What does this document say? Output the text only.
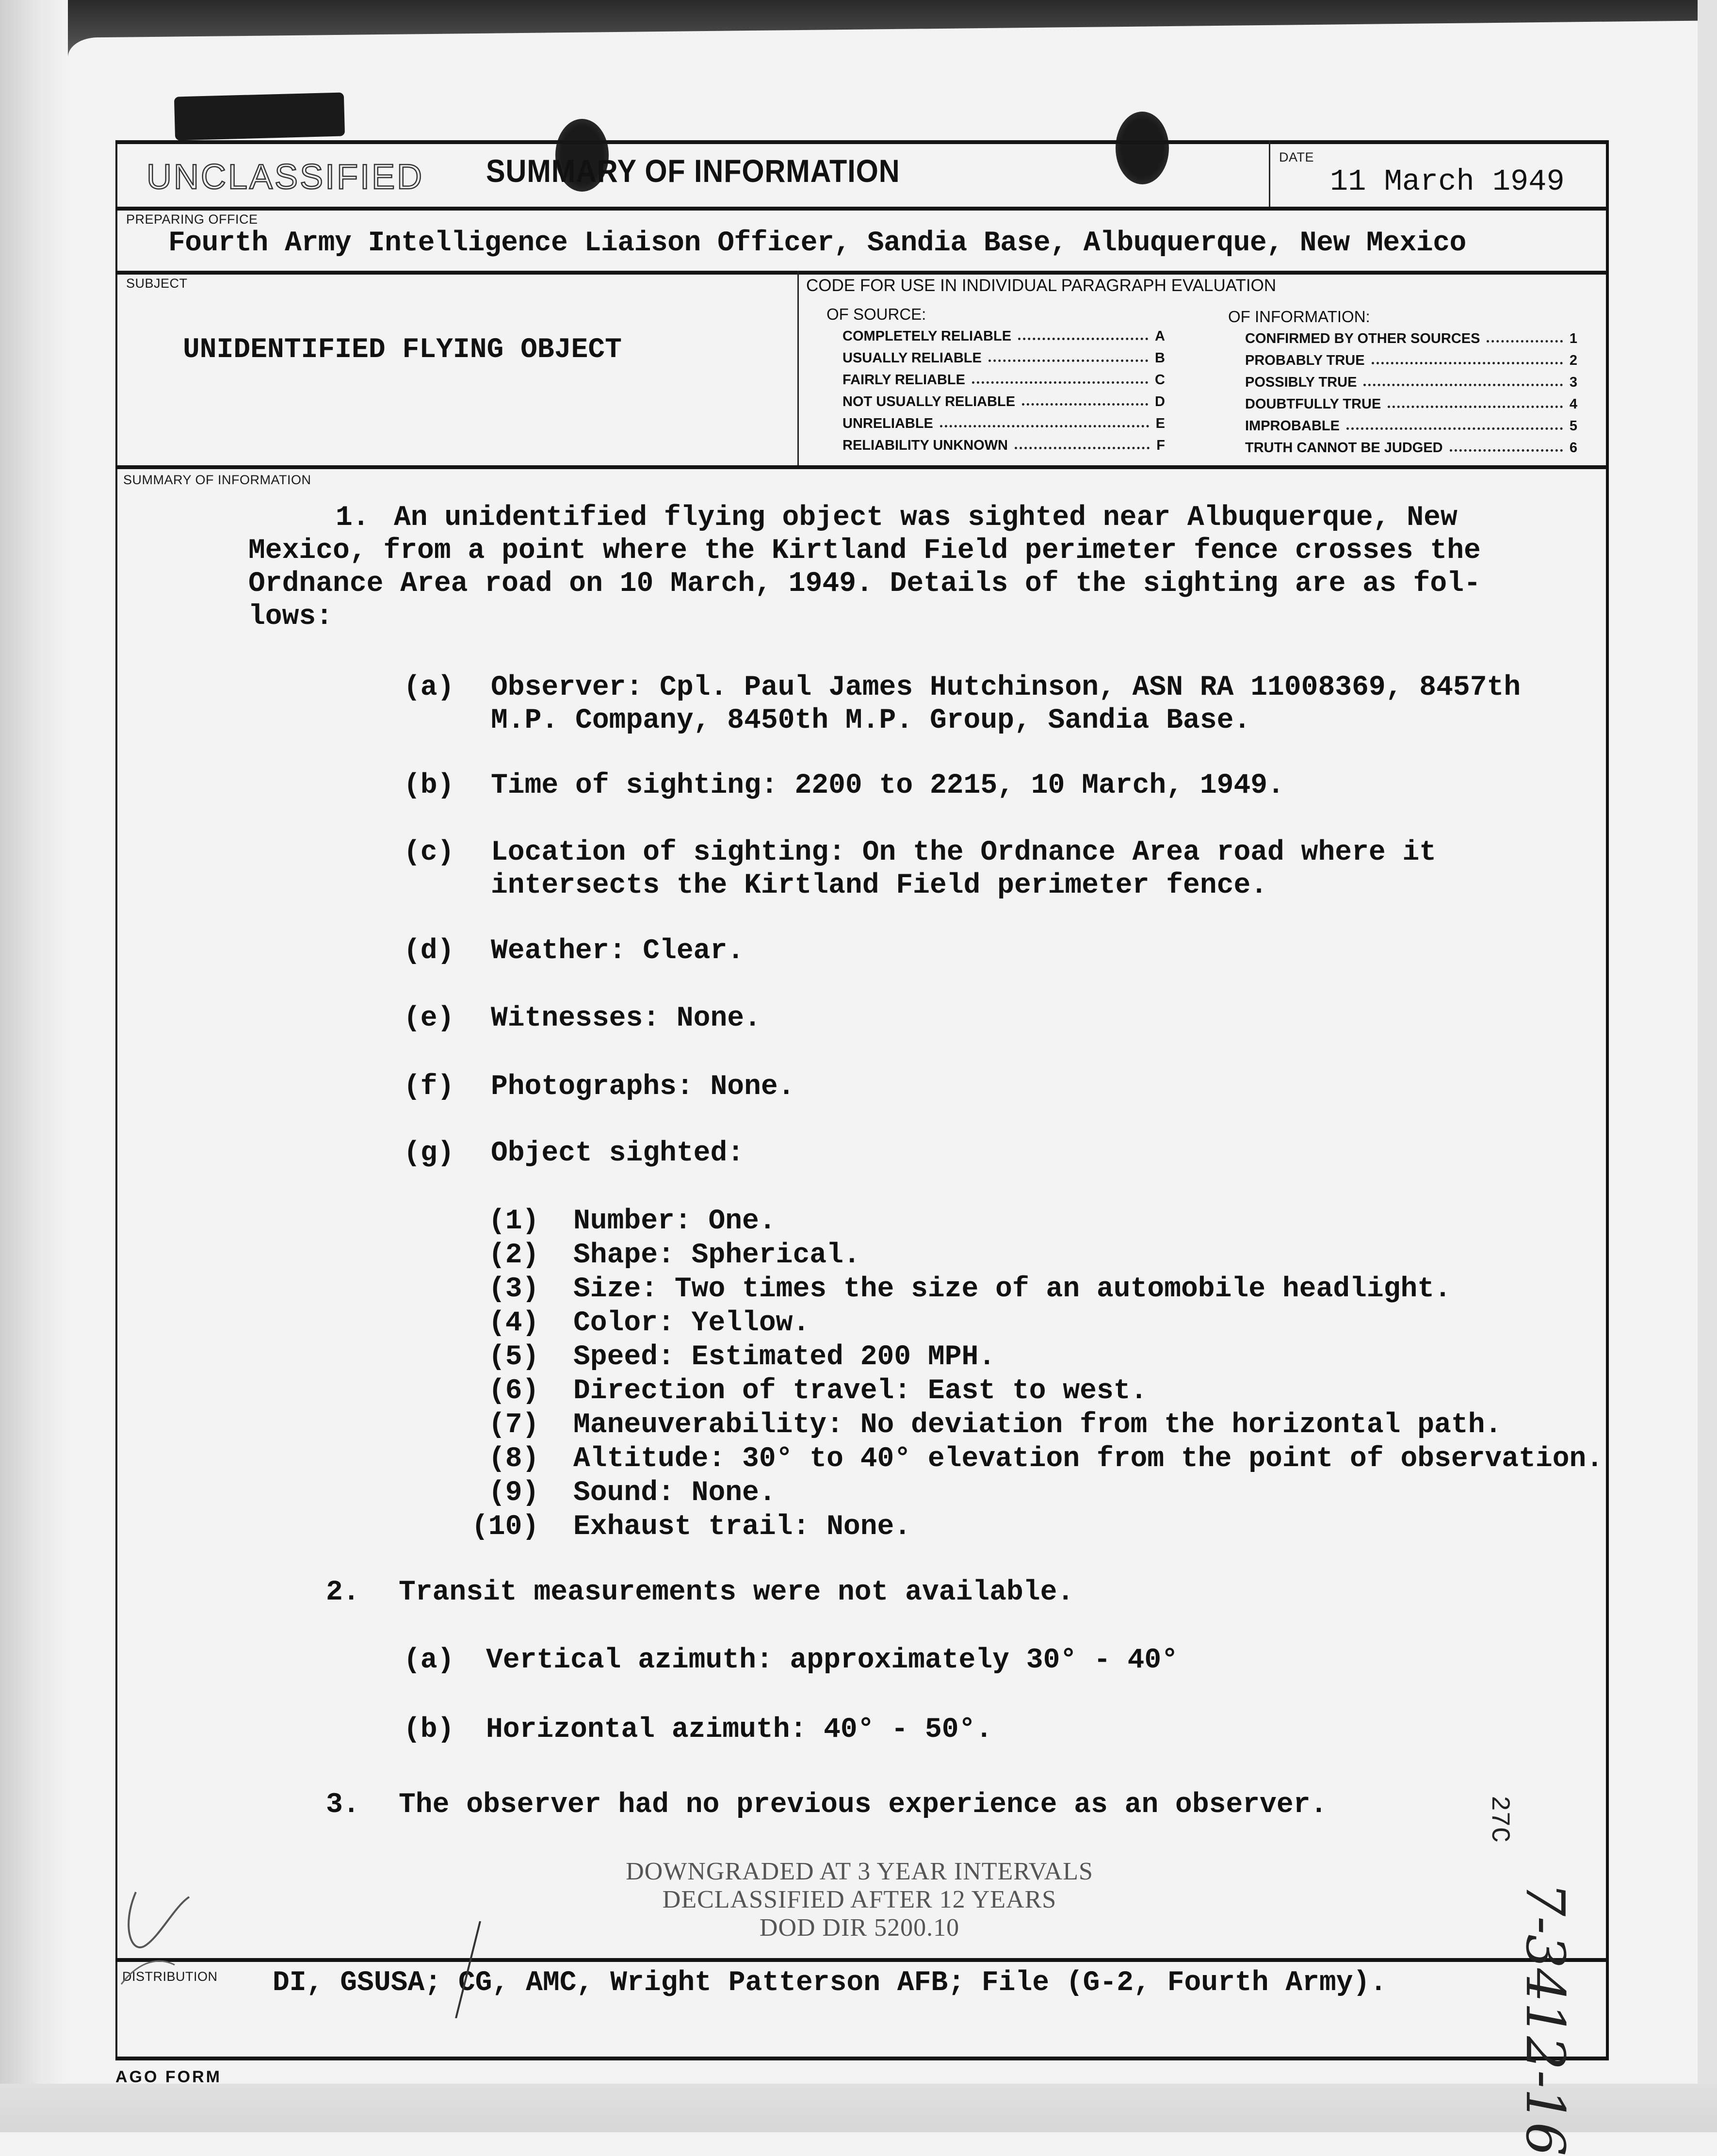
UNCLASSIFIED SUMMARY OF INFORMATION	DATE
11 March 1949
PREPARING OFFICE
Fourth Army Intelligence Liaison Officer, Sandia Base, Albuquerque, New Mexico
SUBJECT
UNIDENTIFIED FLYING OBJECT
CODE FOR USE IN INDIVIDUAL PARAGRAPH EVALUATION
OF SOURCE:	OF INFORMATION:
COMPLETELY RELIABLE	A
USUALLY RELIABLE	B
FAIRLY RELIABLE	C
NOT USUALLY RELIABLE	D
UNRELIABLE	E
RELIABILITY UNKNOWN	F
CONFIRMED BY OTHER SOURCES	1
PROBABLY TRUE	2
POSSIBLY TRUE	3
DOUBTFULLY TRUE	4
IMPROBABLE	5
TRUTH CANNOT BE JUDGED	6
SUMMARY OF INFORMATION
1. An unidentified flying object was sighted near Albuquerque, New
Mexico, from a point where the Kirtland Field perimeter fence crosses the
Ordnance Area road on 10 March, 1949. Details of the sighting are as fol-
lows:
(a) Observer: Cpl. Paul James Hutchinson, ASN RA 11008369, 8457th
M.P. Company, 8450th M.P. Group, Sandia Base.
(b) Time of sighting: 2200 to 2215, 10 March, 1949.
(c) Location of sighting: On the Ordnance Area road where it
intersects the Kirtland Field perimeter fence.
(d) Weather: Clear.
(e) Witnesses: None.
(f) Photographs: None.
(g) Object sighted:
(1) Number: One.
(2) Shape: Spherical.
(3) Size: Two times the size of an automobile headlight.
(4) Color: Yellow.
(5) Speed: Estimated 200 MPH.
(6) Direction of travel: East to west.
(7) Maneuverability: No deviation from the horizontal path.
(8) Altitude: 30° to 40° elevation from the point of observation.
(9) Sound: None.
(10) Exhaust trail: None.
2. Transit measurements were not available.
(a) Vertical azimuth: approximately 30° - 40°
(b) Horizontal azimuth: 40° - 50°.
3. The observer had no previous experience as an observer.
DOWNGRADED AT 3 YEAR INTERVALS
DECLASSIFIED AFTER 12 YEARS
DOD DIR 5200.10
27C
DISTRIBUTION DI, GSUSA; CG, AMC, Wright Patterson AFB; File (G-2, Fourth Army). 7-3412-16
AGO FORM
